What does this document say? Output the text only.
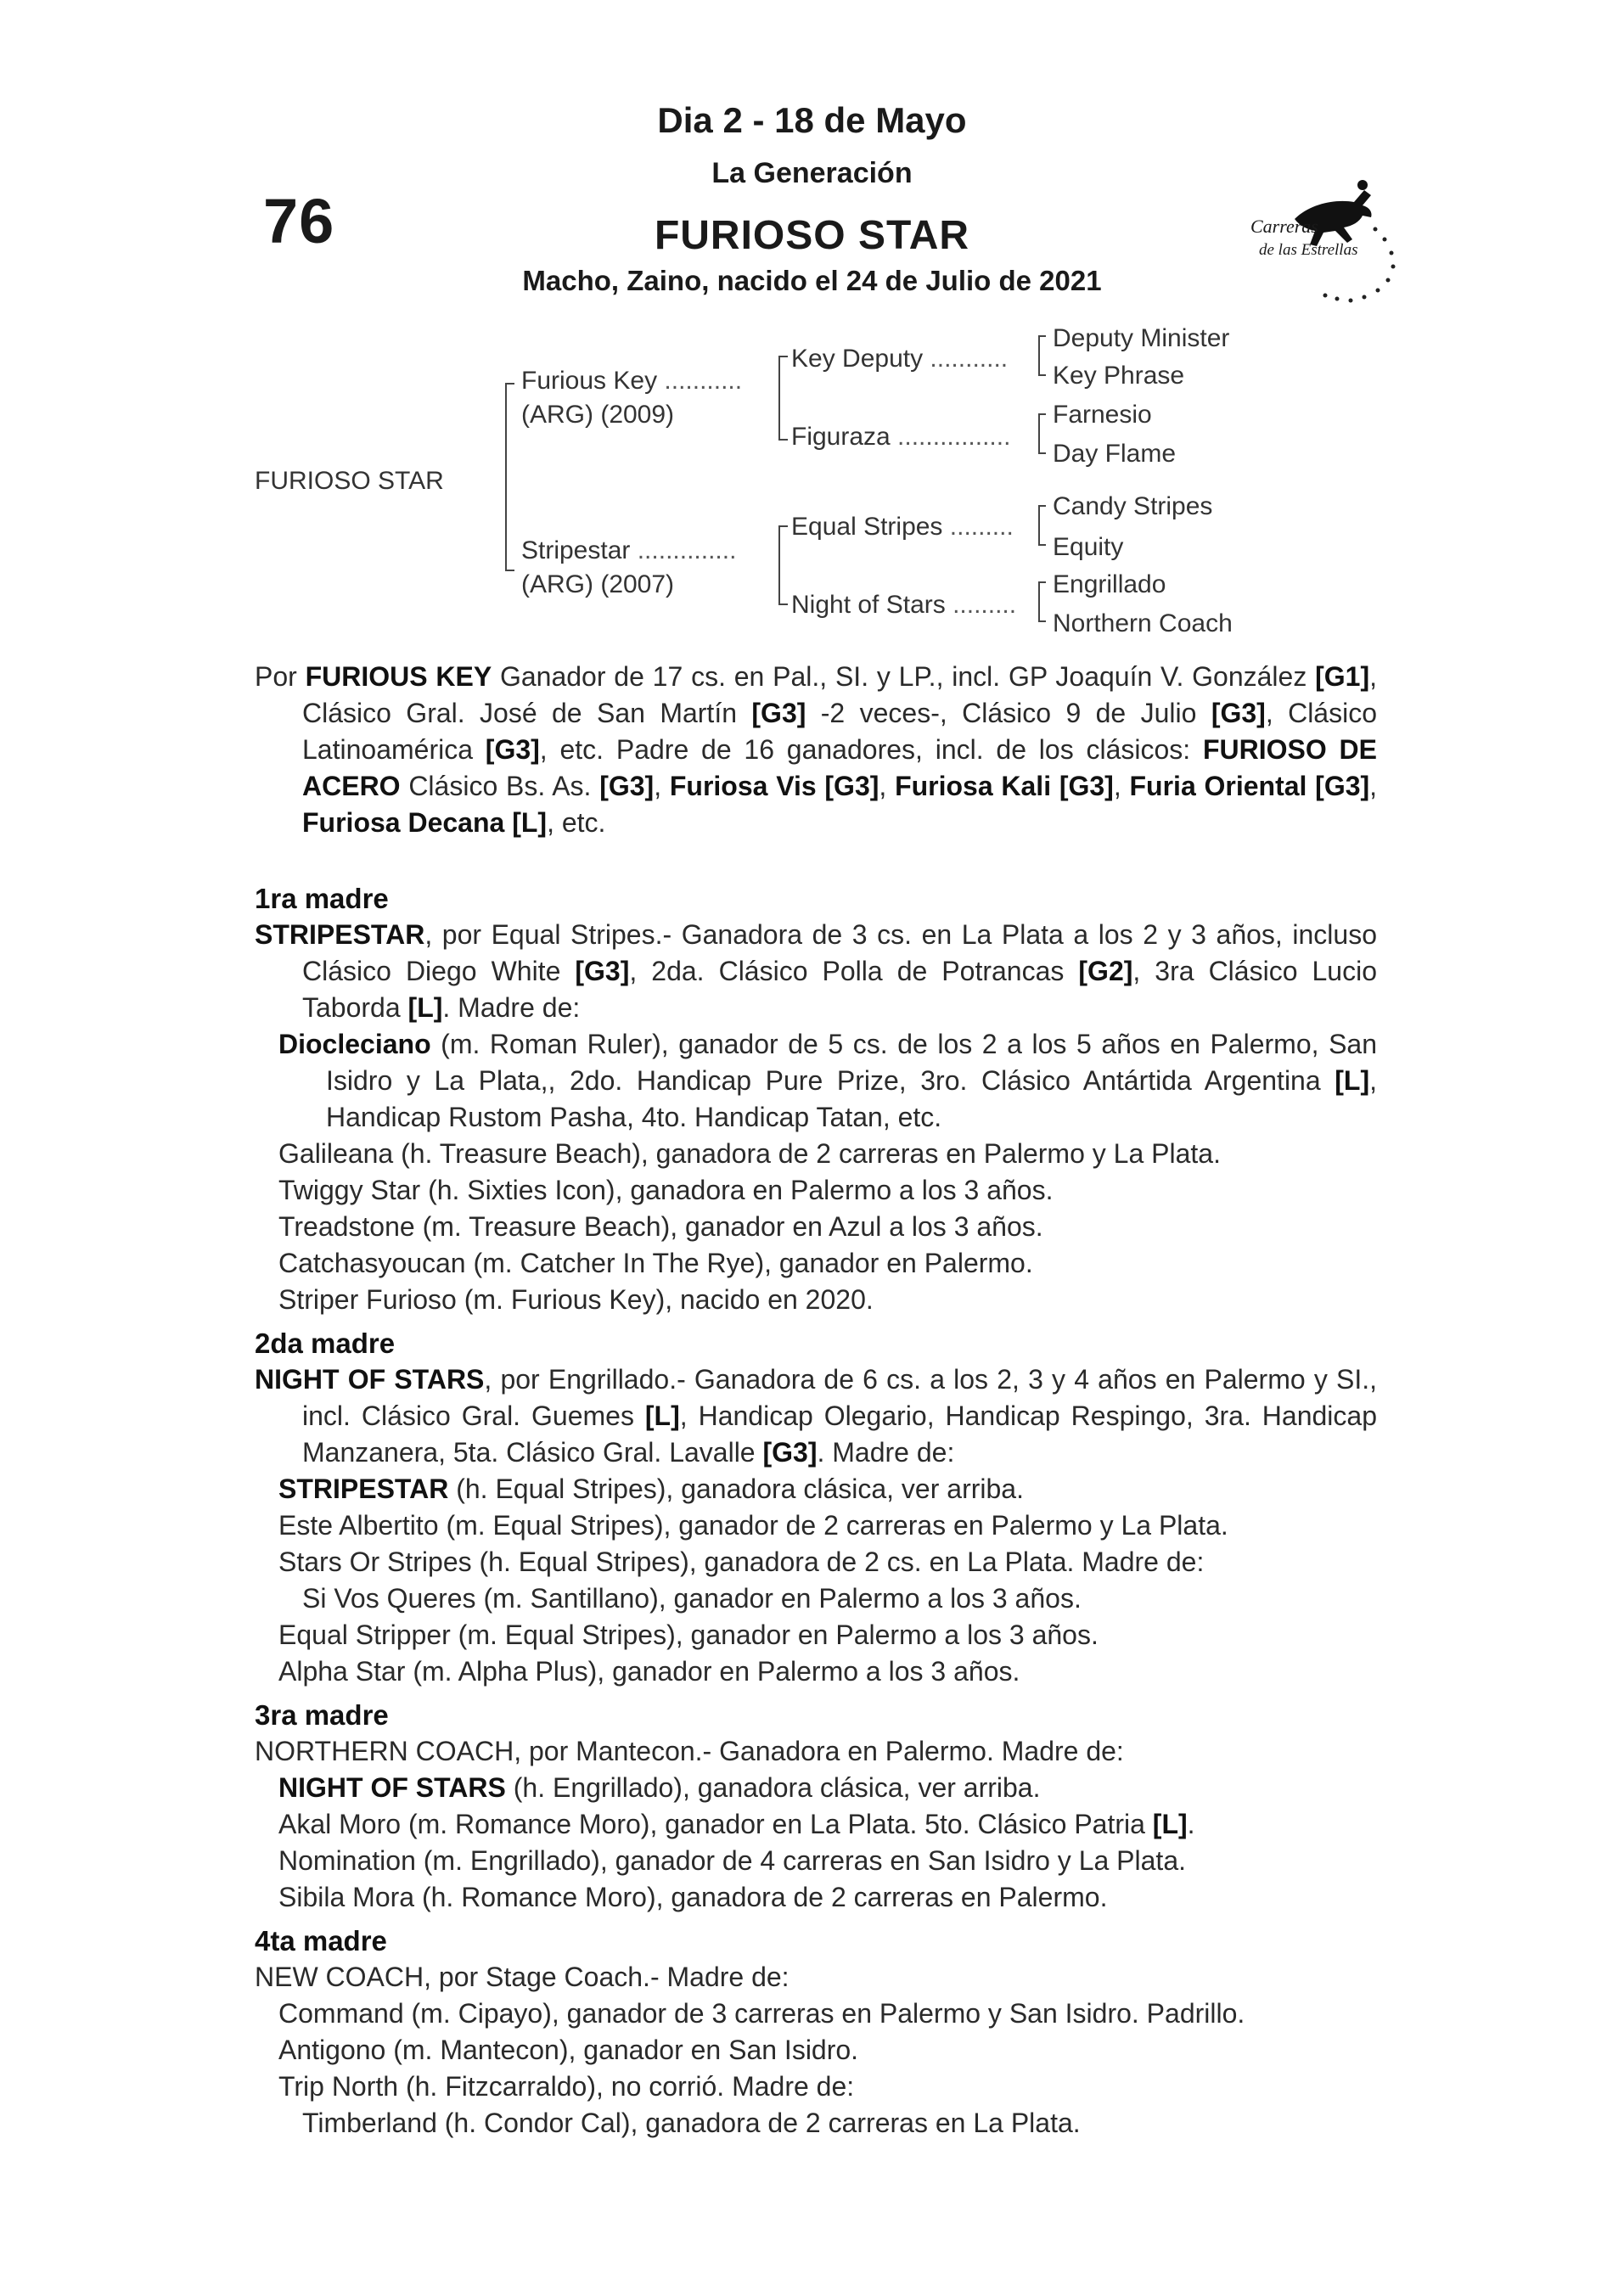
Dia 2 - 18 de Mayo
La Generación
76	FURIOSO STAR
Macho, Zaino, nacido el 24 de Julio de 2021
Carreras
de las Estrellas
FURIOSO STAR
Furious Key ...........
(ARG) (2009)
Stripestar ..............
(ARG) (2007)
Key Deputy ...........
Figuraza ................
Equal Stripes .........
Night of Stars .........
Deputy Minister
Key Phrase
Farnesio
Day Flame
Candy Stripes
Equity
Engrillado
Northern Coach

Por FURIOUS KEY Ganador de 17 cs. en Pal., SI. y LP., incl. GP Joaquín V. González [G1], Clásico Gral. José de San Martín [G3] -2 veces-, Clásico 9 de Julio [G3], Clásico Latinoamérica [G3], etc. Padre de 16 ganadores, incl. de los clásicos: FURIOSO DE ACERO Clásico Bs. As. [G3], Furiosa Vis [G3], Furiosa Kali [G3], Furia Oriental [G3], Furiosa Decana [L], etc.

1ra madre

STRIPESTAR, por Equal Stripes.- Ganadora de 3 cs. en La Plata a los 2 y 3 años, incluso Clásico Diego White [G3], 2da. Clásico Polla de Potrancas [G2], 3ra Clásico Lucio Taborda [L]. Madre de:

Diocleciano (m. Roman Ruler), ganador de 5 cs. de los 2 a los 5 años en Palermo, San Isidro y La Plata,, 2do. Handicap Pure Prize, 3ro. Clásico Antártida Argentina [L], Handicap Rustom Pasha, 4to. Handicap Tatan, etc.

Galileana (h. Treasure Beach), ganadora de 2 carreras en Palermo y La Plata.

Twiggy Star (h. Sixties Icon), ganadora en Palermo a los 3 años.

Treadstone (m. Treasure Beach), ganador en Azul a los 3 años.

Catchasyoucan (m. Catcher In The Rye), ganador en Palermo.

Striper Furioso (m. Furious Key), nacido en 2020.

2da madre

NIGHT OF STARS, por Engrillado.- Ganadora de 6 cs. a los 2, 3 y 4 años en Palermo y SI., incl. Clásico Gral. Guemes [L], Handicap Olegario, Handicap Respingo, 3ra. Handicap Manzanera, 5ta. Clásico Gral. Lavalle [G3]. Madre de:

STRIPESTAR (h. Equal Stripes), ganadora clásica, ver arriba.

Este Albertito (m. Equal Stripes), ganador de 2 carreras en Palermo y La Plata.

Stars Or Stripes (h. Equal Stripes), ganadora de 2 cs. en La Plata. Madre de:

Si Vos Queres (m. Santillano), ganador en Palermo a los 3 años.

Equal Stripper (m. Equal Stripes), ganador en Palermo a los 3 años.

Alpha Star (m. Alpha Plus), ganador en Palermo a los 3 años.

3ra madre

NORTHERN COACH, por Mantecon.- Ganadora en Palermo. Madre de:

NIGHT OF STARS (h. Engrillado), ganadora clásica, ver arriba.

Akal Moro (m. Romance Moro), ganador en La Plata. 5to. Clásico Patria [L].

Nomination (m. Engrillado), ganador de 4 carreras en San Isidro y La Plata.

Sibila Mora (h. Romance Moro), ganadora de 2 carreras en Palermo.

4ta madre

NEW COACH, por Stage Coach.- Madre de:

Command (m. Cipayo), ganador de 3 carreras en Palermo y San Isidro. Padrillo.

Antigono (m. Mantecon), ganador en San Isidro.

Trip North (h. Fitzcarraldo), no corrió. Madre de:

Timberland (h. Condor Cal), ganadora de 2 carreras en La Plata.
